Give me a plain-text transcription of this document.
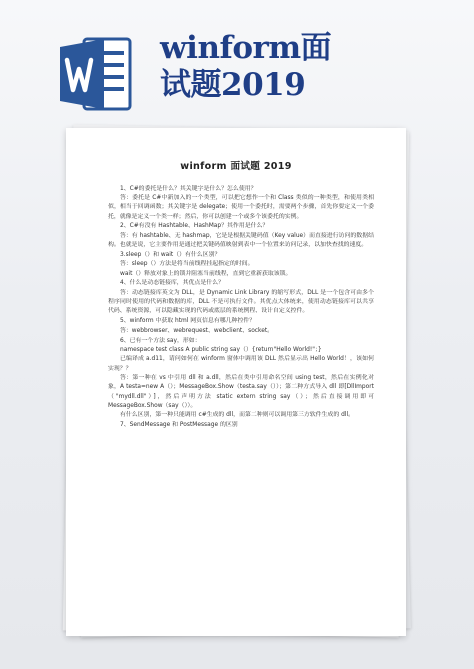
winform面
试题2019
winform 面试题 2019

1、C#的委托是什么？其关键字是什么？怎么使用？

答：委托是 C#中新加入的一个类型，可以把它想作一个和 Class 类似的一种类型，和使用类相似，相当于回调函数；其关键字是 delegate；使用一个委托时，需要两个步骤，首先你要定义一个委托，就像是定义一个类一样；然后，你可以创建一个或多个该委托的实例。

2、C#有没有 Hashtable、HashMap？其作用是什么？

答：有 hashtable、无 hashmap，它是是根据关键码值（Key value）而直接进行访问的数据结构。也就是说，它主要作用是通过把关键码值映射到表中一个位置来访问记录，以加快查找的速度。

3.sleep（）和 wait（）有什么区别？

答：sleep（）方法是将当前线程挂起指定的时间。

wait（）释放对象上的锁并阻塞当前线程，直到它重新获取该锁。

4、什么是动态链接库，其优点是什么？

答：动态链接库英文为 DLL，是 Dynamic Link Library 的缩写形式，DLL 是一个包含可由多个程序同时使用的代码和数据的库，DLL 不是可执行文件。其优点大体统来，使用动态链接库可以共享代码、系统资源，可以隐藏实现的代码或底层的系统例程、设计自定义控件。

5、winform 中获取 html 网页信息有哪几种控件？

答：webbrowser、webrequest、webclient、socket。

6、已有一个方法 say，形如：

namespace test class A public string say（）{return"Hello World!"；}

已编译成 a.d11，请问如何在 winform 窗体中调用该 DLL 然后显示出 Hello World！，该如何实现？？

答：第一种在 vs 中引用 dll 和 a.dll，然后在类中引用命名空间 using test，然后在实例化对象，A testa=new A（）；MessageBox.Show（testa.say（））；第二种方式导入 dll 即[DllImport（"mydll.dll"）]，然后声明方法 static extern string say（）；然后直接调用即可 MessageBox.Show（say（））。

有什么区别，第一种只能调用 c#生成的 dll，而第二种则可以调用第三方软件生成的 dll。

7、SendMessage 和 PostMessage 的区别
